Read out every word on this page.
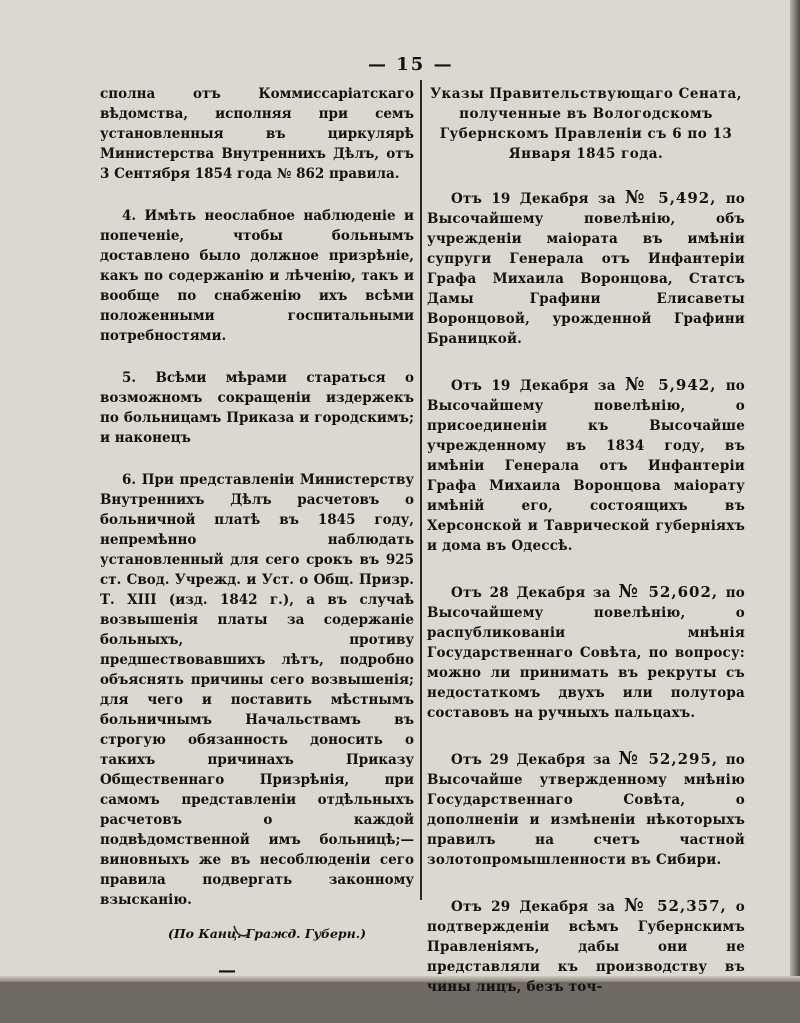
— 15 —

сполна отъ Коммиссаріатскаго вѣдомства, исполняя при семъ установленныя въ циркулярѣ Министерства Внутреннихъ Дѣлъ, отъ 3 Сентября 1854 года № 862 правила.

4. Имѣть неослабное наблюденіе и попеченіе, чтобы больнымъ доставлено было должное призрѣніе, какъ по содержанію и лѣченію, такъ и вообще по снабженію ихъ всѣми положенными госпитальными потребностями.

5. Всѣми мѣрами стараться о возможномъ сокращеніи издержекъ по больницамъ Приказа и городскимъ; и наконецъ

6. При представленіи Министерству Внутреннихъ Дѣлъ расчетовъ о больничной платѣ въ 1845 году, непремѣнно наблюдать установленный для сего срокъ въ 925 ст. Свод. Учрежд. и Уст. о Общ. Призр. Т. XIII (изд. 1842 г.), а въ случаѣ возвышенія платы за содержаніе больныхъ, противу предшествовавшихъ лѣтъ, подробно объяснять причины сего возвышенія; для чего и поставить мѣстнымъ больничнымъ Начальствамъ въ строгую обязанность доносить о такихъ причинахъ Приказу Общественнаго Призрѣнія, при самомъ представленіи отдѣльныхъ расчетовъ о каждой подвѣдомственной имъ больницѣ;—виновныхъ же въ несоблюденіи сего правила подвергать законному взысканію.

(По Канц. Гражд. Губерн.)
—
Указы Правительствующаго Сената, полученные въ Вологодскомъ Губернскомъ Правленіи съ 6 по 13 Января 1845 года.

Отъ 19 Декабря за № 5,492, по Высочайшему повелѣнію, объ учрежденіи маіората въ имѣніи супруги Генерала отъ Инфантеріи Графа Михаила Воронцова, Статсъ Дамы Графини Елисаветы Воронцовой, урожденной Графини Браницкой.

Отъ 19 Декабря за № 5,942, по Высочайшему повелѣнію, о присоединеніи къ Высочайше учрежденному въ 1834 году, въ имѣніи Генерала отъ Инфантеріи Графа Михаила Воронцова маіорату имѣній его, состоящихъ въ Херсонской и Таврической губерніяхъ и дома въ Одессѣ.

Отъ 28 Декабря за № 52,602, по Высочайшему повелѣнію, о распубликованіи мнѣнія Государственнаго Совѣта, по вопросу: можно ли принимать въ рекруты съ недостаткомъ двухъ или полутора составовъ на ручныхъ пальцахъ.

Отъ 29 Декабря за № 52,295, по Высочайше утвержденному мнѣнію Государственнаго Совѣта, о дополненіи и измѣненіи нѣкоторыхъ правилъ на счетъ частной золотопромышленности въ Сибири.

Отъ 29 Декабря за № 52,357, о подтвержденіи всѣмъ Губернскимъ Правленіямъ, дабы они не представляли къ производству въ чины лицъ, безъ точ-
